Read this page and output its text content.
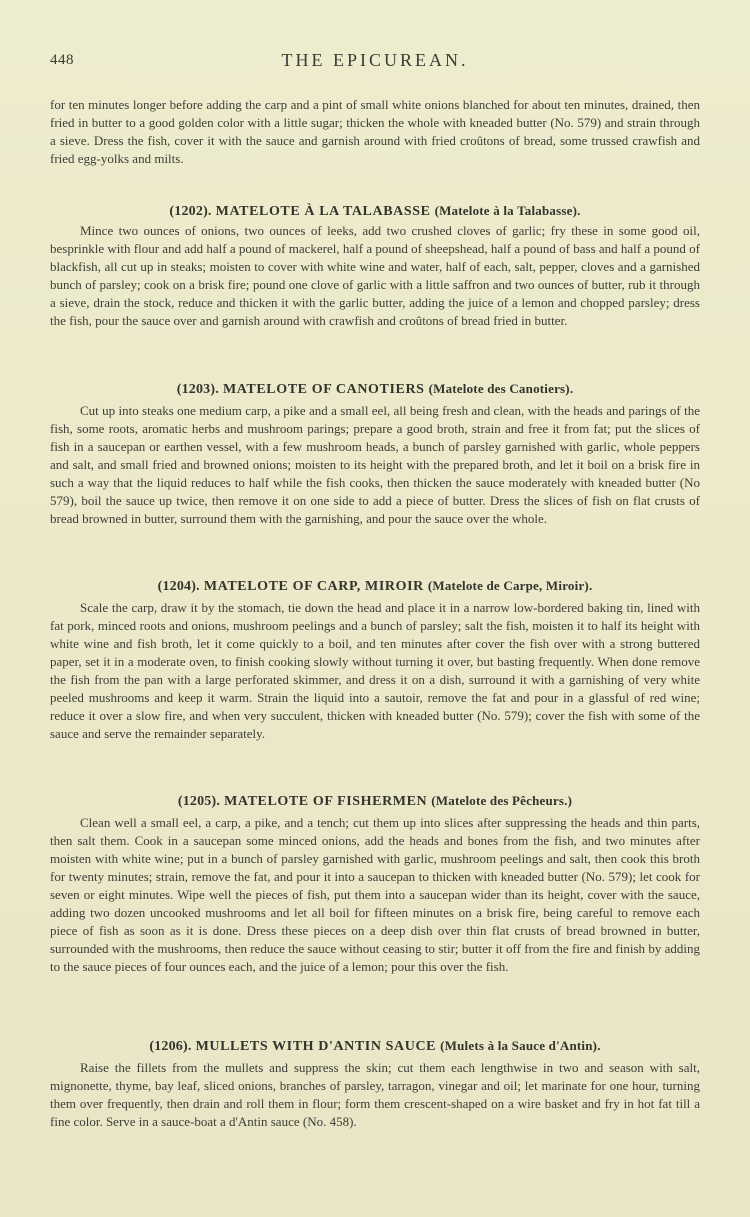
448	THE EPICUREAN.

for ten minutes longer before adding the carp and a pint of small white onions blanched for about ten minutes, drained, then fried in butter to a good golden color with a little sugar; thicken the whole with kneaded butter (No. 579) and strain through a sieve. Dress the fish, cover it with the sauce and garnish around with fried croûtons of bread, some trussed crawfish and fried egg-yolks and milts.

(1202). MATELOTE À LA TALABASSE (Matelote à la Talabasse).

Mince two ounces of onions, two ounces of leeks, add two crushed cloves of garlic; fry these in some good oil, besprinkle with flour and add half a pound of mackerel, half a pound of sheepshead, half a pound of bass and half a pound of blackfish, all cut up in steaks; moisten to cover with white wine and water, half of each, salt, pepper, cloves and a garnished bunch of parsley; cook on a brisk fire; pound one clove of garlic with a little saffron and two ounces of butter, rub it through a sieve, drain the stock, reduce and thicken it with the garlic butter, adding the juice of a lemon and chopped parsley; dress the fish, pour the sauce over and garnish around with crawfish and croûtons of bread fried in butter.

(1203). MATELOTE OF CANOTIERS (Matelote des Canotiers).

Cut up into steaks one medium carp, a pike and a small eel, all being fresh and clean, with the heads and parings of the fish, some roots, aromatic herbs and mushroom parings; prepare a good broth, strain and free it from fat; put the slices of fish in a saucepan or earthen vessel, with a few mushroom heads, a bunch of parsley garnished with garlic, whole peppers and salt, and small fried and browned onions; moisten to its height with the prepared broth, and let it boil on a brisk fire in such a way that the liquid reduces to half while the fish cooks, then thicken the sauce moderately with kneaded butter (No 579), boil the sauce up twice, then remove it on one side to add a piece of butter. Dress the slices of fish on flat crusts of bread browned in butter, surround them with the garnishing, and pour the sauce over the whole.

(1204). MATELOTE OF CARP, MIROIR (Matelote de Carpe, Miroir).

Scale the carp, draw it by the stomach, tie down the head and place it in a narrow low-bordered baking tin, lined with fat pork, minced roots and onions, mushroom peelings and a bunch of parsley; salt the fish, moisten it to half its height with white wine and fish broth, let it come quickly to a boil, and ten minutes after cover the fish over with a strong buttered paper, set it in a moderate oven, to finish cooking slowly without turning it over, but basting frequently. When done remove the fish from the pan with a large perforated skimmer, and dress it on a dish, surround it with a garnishing of very white peeled mushrooms and keep it warm. Strain the liquid into a sautoir, remove the fat and pour in a glassful of red wine; reduce it over a slow fire, and when very succulent, thicken with kneaded butter (No. 579); cover the fish with some of the sauce and serve the remainder separately.

(1205). MATELOTE OF FISHERMEN (Matelote des Pêcheurs.)

Clean well a small eel, a carp, a pike, and a tench; cut them up into slices after suppressing the heads and thin parts, then salt them. Cook in a saucepan some minced onions, add the heads and bones from the fish, and two minutes after moisten with white wine; put in a bunch of parsley garnished with garlic, mushroom peelings and salt, then cook this broth for twenty minutes; strain, remove the fat, and pour it into a saucepan to thicken with kneaded butter (No. 579); let cook for seven or eight minutes. Wipe well the pieces of fish, put them into a saucepan wider than its height, cover with the sauce, adding two dozen uncooked mushrooms and let all boil for fifteen minutes on a brisk fire, being careful to remove each piece of fish as soon as it is done. Dress these pieces on a deep dish over thin flat crusts of bread browned in butter, surrounded with the mushrooms, then reduce the sauce without ceasing to stir; butter it off from the fire and finish by adding to the sauce pieces of four ounces each, and the juice of a lemon; pour this over the fish.

(1206). MULLETS WITH D'ANTIN SAUCE (Mulets à la Sauce d'Antin).

Raise the fillets from the mullets and suppress the skin; cut them each lengthwise in two and season with salt, mignonette, thyme, bay leaf, sliced onions, branches of parsley, tarragon, vinegar and oil; let marinate for one hour, turning them over frequently, then drain and roll them in flour; form them crescent-shaped on a wire basket and fry in hot fat till a fine color. Serve in a sauce-boat a d'Antin sauce (No. 458).
